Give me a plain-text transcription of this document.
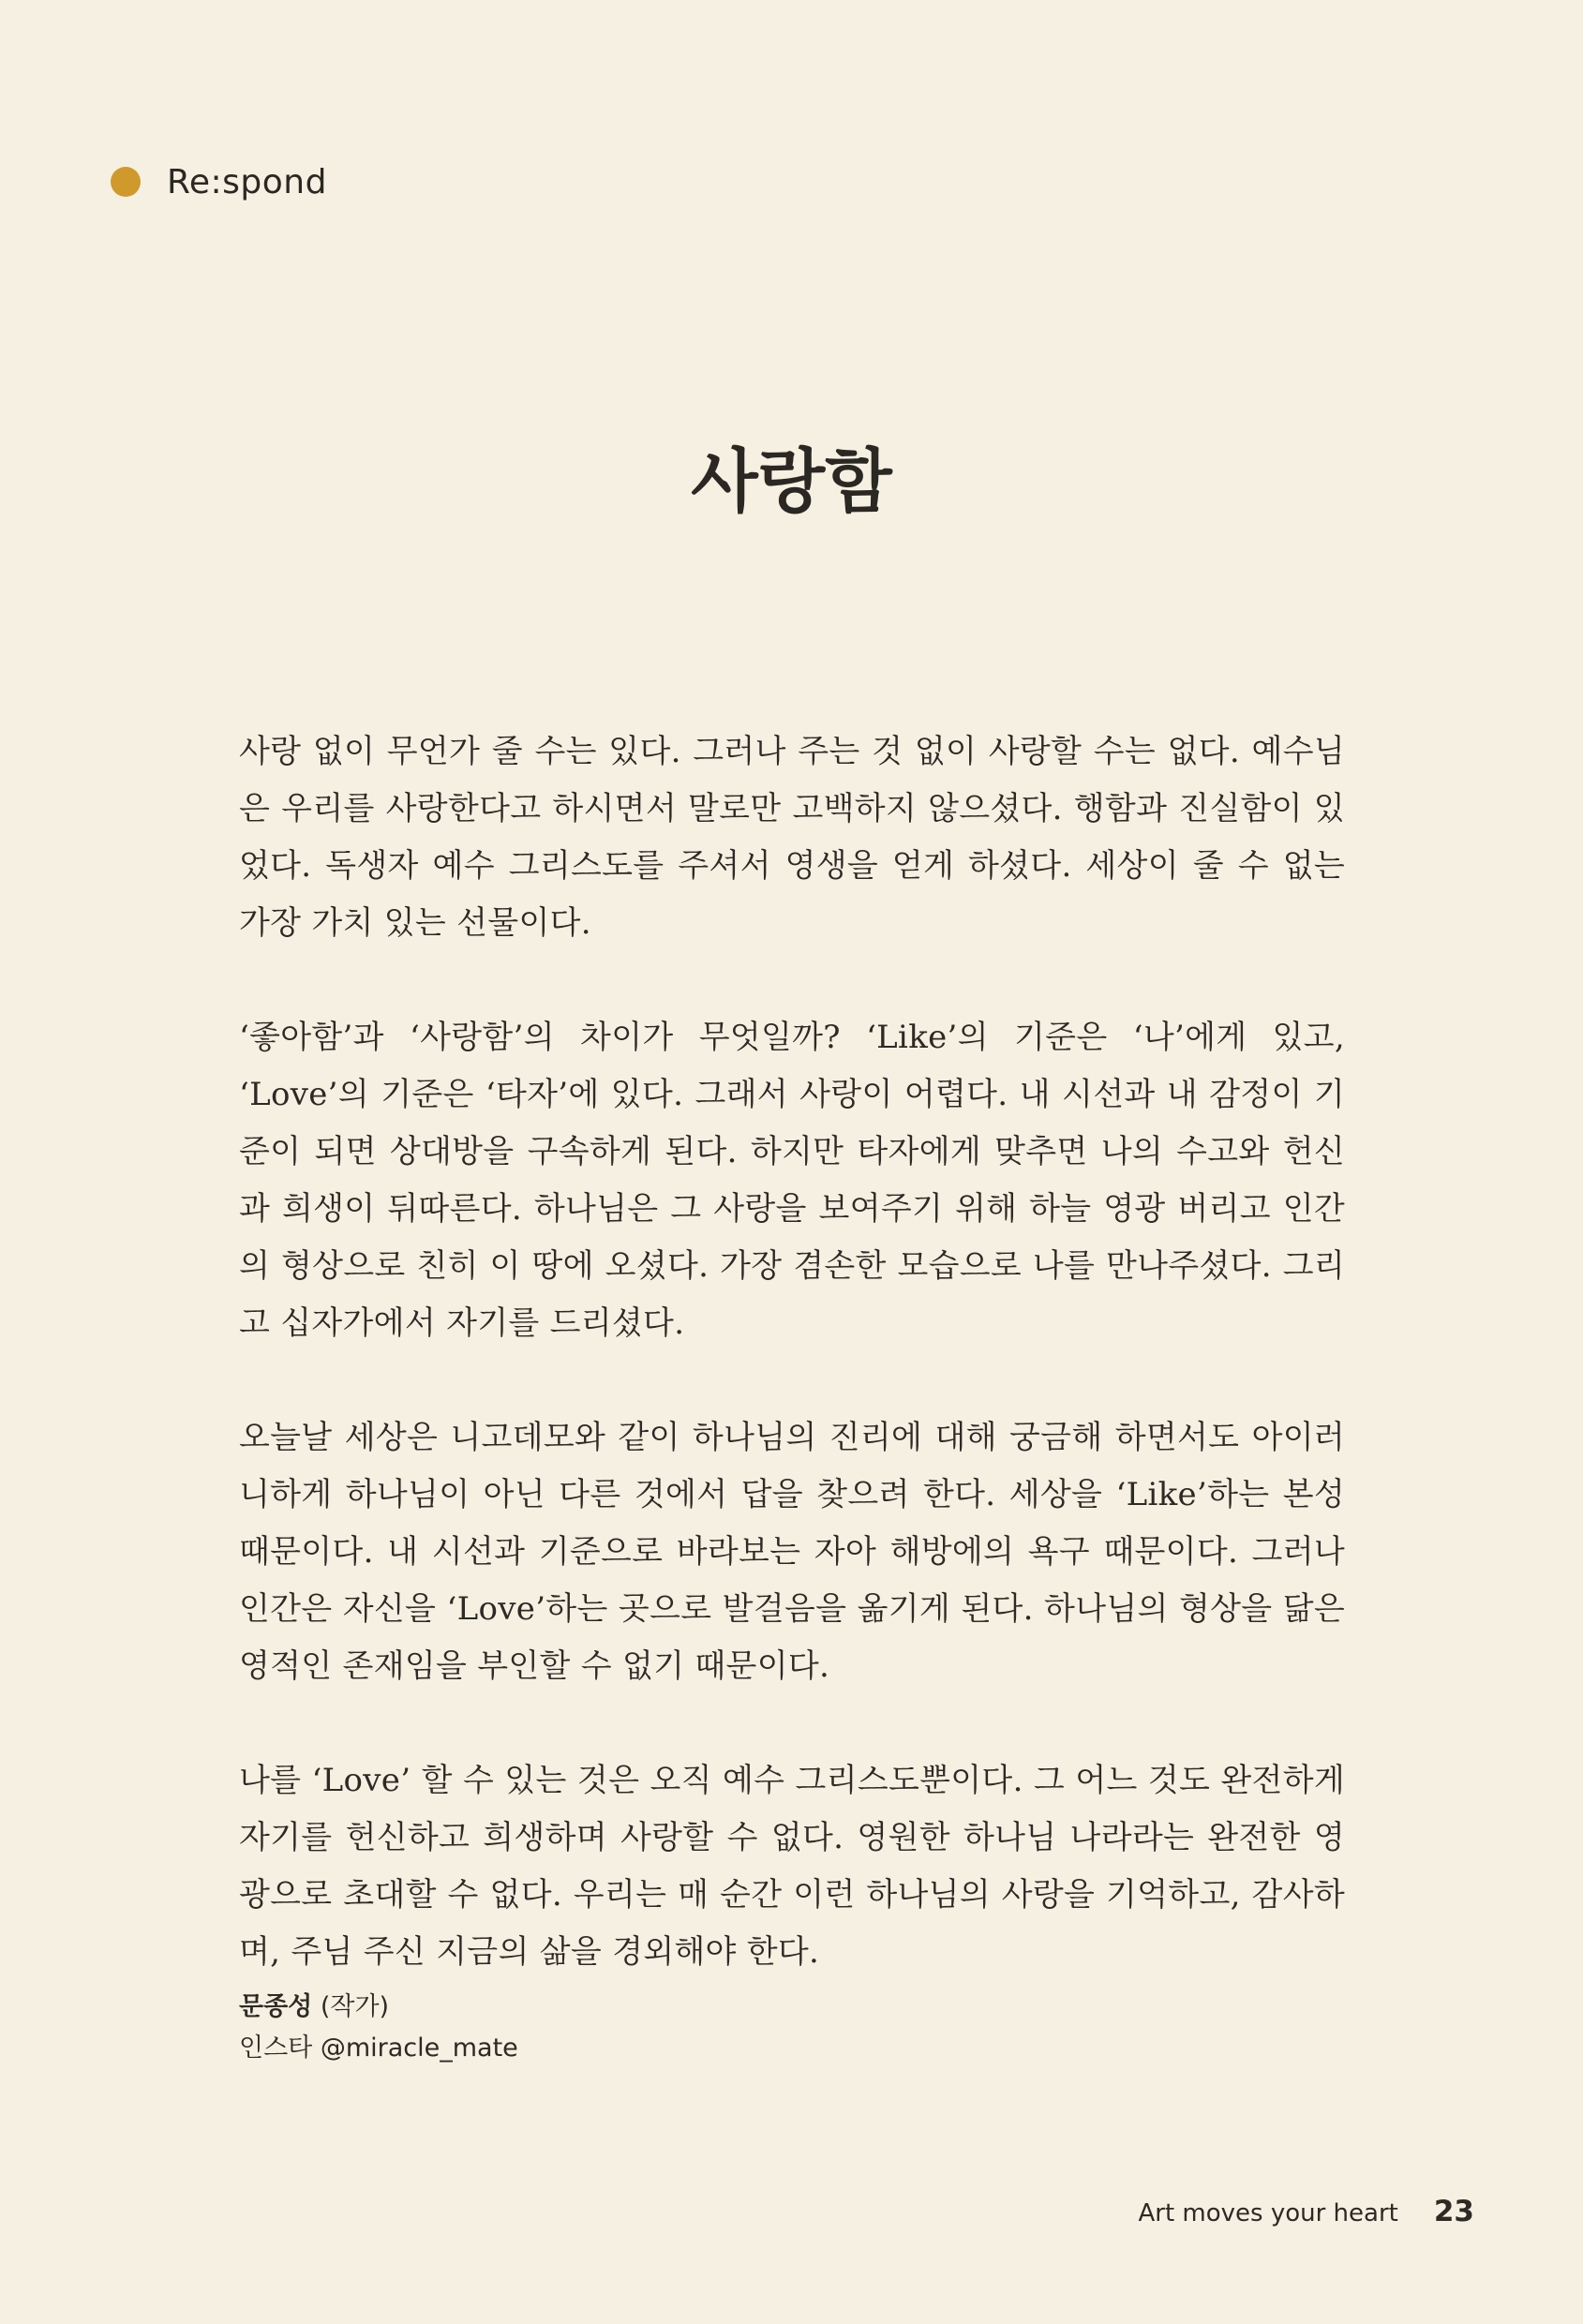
Re:spond
사랑함

사랑 없이 무언가 줄 수는 있다. 그러나 주는 것 없이 사랑할 수는 없다. 예수님은 우리를 사랑한다고 하시면서 말로만 고백하지 않으셨다. 행함과 진실함이 있었다. 독생자 예수 그리스도를 주셔서 영생을 얻게 하셨다. 세상이 줄 수 없는 가장 가치 있는 선물이다.

‘좋아함’과 ‘사랑함’의 차이가 무엇일까? ‘Like’의 기준은 ‘나’에게 있고, ‘Love’의 기준은 ‘타자’에 있다. 그래서 사랑이 어렵다. 내 시선과 내 감정이 기준이 되면 상대방을 구속하게 된다. 하지만 타자에게 맞추면 나의 수고와 헌신과 희생이 뒤따른다. 하나님은 그 사랑을 보여주기 위해 하늘 영광 버리고 인간의 형상으로 친히 이 땅에 오셨다. 가장 겸손한 모습으로 나를 만나주셨다. 그리고 십자가에서 자기를 드리셨다.

오늘날 세상은 니고데모와 같이 하나님의 진리에 대해 궁금해 하면서도 아이러니하게 하나님이 아닌 다른 것에서 답을 찾으려 한다. 세상을 ‘Like’하는 본성 때문이다. 내 시선과 기준으로 바라보는 자아 해방에의 욕구 때문이다. 그러나 인간은 자신을 ‘Love’하는 곳으로 발걸음을 옮기게 된다. 하나님의 형상을 닮은 영적인 존재임을 부인할 수 없기 때문이다.

나를 ‘Love’ 할 수 있는 것은 오직 예수 그리스도뿐이다. 그 어느 것도 완전하게 자기를 헌신하고 희생하며 사랑할 수 없다. 영원한 하나님 나라라는 완전한 영광으로 초대할 수 없다. 우리는 매 순간 이런 하나님의 사랑을 기억하고, 감사하며, 주님 주신 지금의 삶을 경외해야 한다.

문종성 (작가)
인스타 @miracle_mate
Art moves your heart 23
